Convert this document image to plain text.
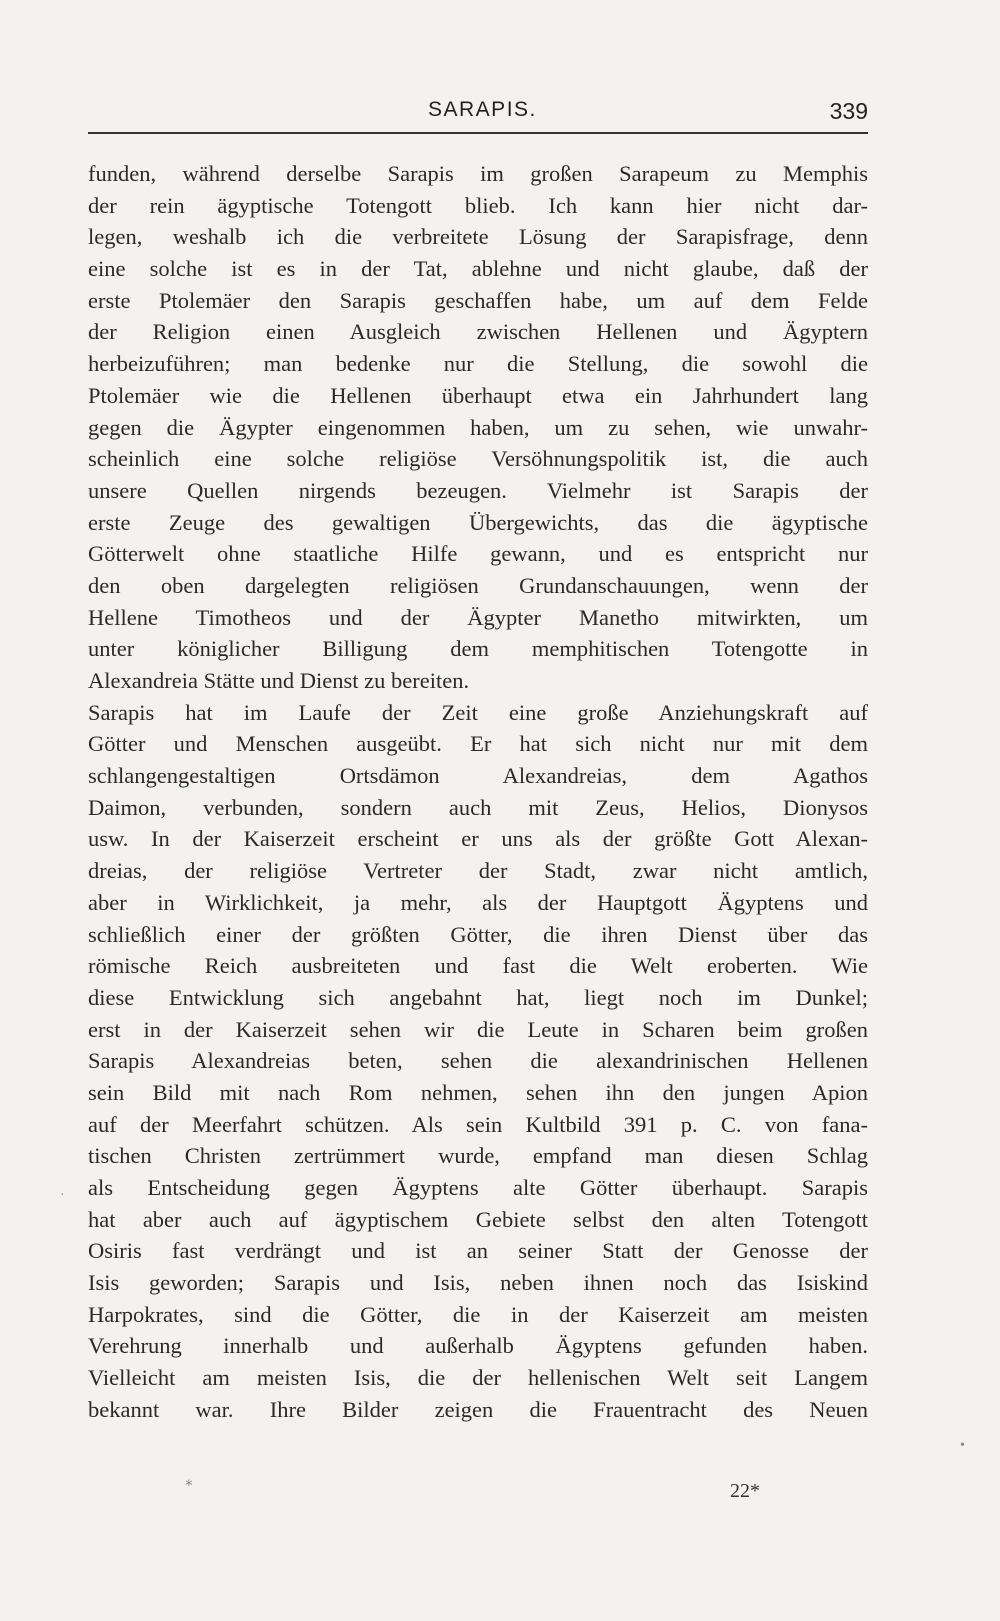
SARAPIS.	339
funden, während derselbe Sarapis im großen Sarapeum zu Memphis
der rein ägyptische Totengott blieb. Ich kann hier nicht dar-
legen, weshalb ich die verbreitete Lösung der Sarapisfrage, denn
eine solche ist es in der Tat, ablehne und nicht glaube, daß der
erste Ptolemäer den Sarapis geschaffen habe, um auf dem Felde
der Religion einen Ausgleich zwischen Hellenen und Ägyptern
herbeizuführen; man bedenke nur die Stellung, die sowohl die
Ptolemäer wie die Hellenen überhaupt etwa ein Jahrhundert lang
gegen die Ägypter eingenommen haben, um zu sehen, wie unwahr-
scheinlich eine solche religiöse Versöhnungspolitik ist, die auch
unsere Quellen nirgends bezeugen. Vielmehr ist Sarapis der
erste Zeuge des gewaltigen Übergewichts, das die ägyptische
Götterwelt ohne staatliche Hilfe gewann, und es entspricht nur
den oben dargelegten religiösen Grundanschauungen, wenn der
Hellene Timotheos und der Ägypter Manetho mitwirkten, um
unter königlicher Billigung dem memphitischen Totengotte in
Alexandreia Stätte und Dienst zu bereiten.
Sarapis hat im Laufe der Zeit eine große Anziehungskraft auf
Götter und Menschen ausgeübt. Er hat sich nicht nur mit dem
schlangengestaltigen Ortsdämon Alexandreias, dem Agathos
Daimon, verbunden, sondern auch mit Zeus, Helios, Dionysos
usw. In der Kaiserzeit erscheint er uns als der größte Gott Alexan-
dreias, der religiöse Vertreter der Stadt, zwar nicht amtlich,
aber in Wirklichkeit, ja mehr, als der Hauptgott Ägyptens und
schließlich einer der größten Götter, die ihren Dienst über das
römische Reich ausbreiteten und fast die Welt eroberten. Wie
diese Entwicklung sich angebahnt hat, liegt noch im Dunkel;
erst in der Kaiserzeit sehen wir die Leute in Scharen beim großen
Sarapis Alexandreias beten, sehen die alexandrinischen Hellenen
sein Bild mit nach Rom nehmen, sehen ihn den jungen Apion
auf der Meerfahrt schützen. Als sein Kultbild 391 p. C. von fana-
tischen Christen zertrümmert wurde, empfand man diesen Schlag
als Entscheidung gegen Ägyptens alte Götter überhaupt. Sarapis
hat aber auch auf ägyptischem Gebiete selbst den alten Totengott
Osiris fast verdrängt und ist an seiner Statt der Genosse der
Isis geworden; Sarapis und Isis, neben ihnen noch das Isiskind
Harpokrates, sind die Götter, die in der Kaiserzeit am meisten
Verehrung innerhalb und außerhalb Ägyptens gefunden haben.
Vielleicht am meisten Isis, die der hellenischen Welt seit Langem
bekannt war. Ihre Bilder zeigen die Frauentracht des Neuen
22*
∗
·
•
